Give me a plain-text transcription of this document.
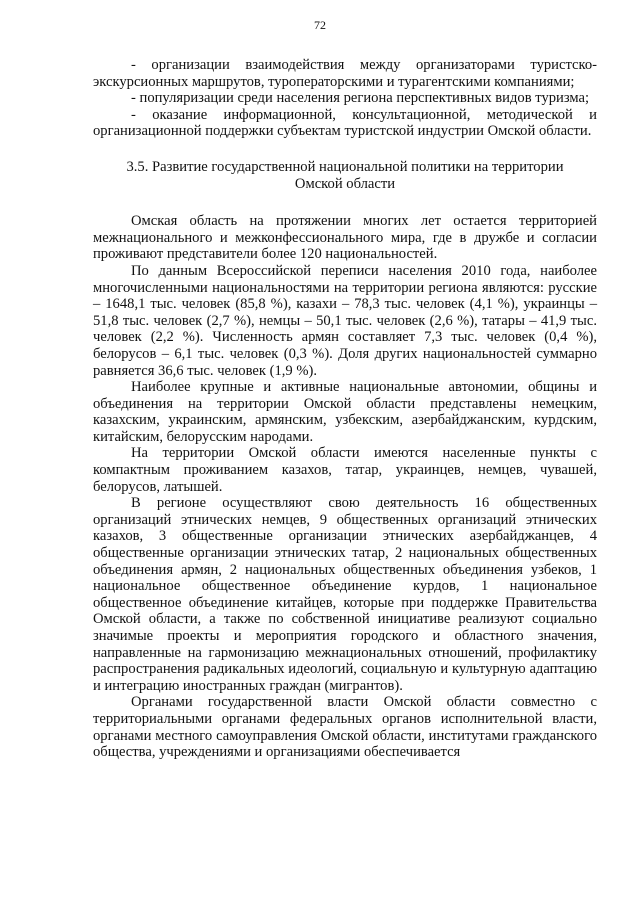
72

- организации взаимодействия между организаторами туристско-экскурсионных маршрутов, туроператорскими и турагентскими компаниями;

- популяризации среди населения региона перспективных видов туризма;

- оказание информационной, консультационной, методической и организационной поддержки субъектам туристской индустрии Омской области.

3.5. Развитие государственной национальной политики на территории Омской области

Омская область на протяжении многих лет остается территорией межнационального и межконфессионального мира, где в дружбе и согласии проживают представители более 120 национальностей.

По данным Всероссийской переписи населения 2010 года, наиболее многочисленными национальностями на территории региона являются: русские – 1648,1 тыс. человек (85,8 %), казахи – 78,3 тыс. человек (4,1 %), украинцы – 51,8 тыс. человек (2,7 %), немцы – 50,1 тыс. человек (2,6 %), татары – 41,9 тыс. человек (2,2 %). Численность армян составляет 7,3 тыс. человек (0,4 %), белорусов – 6,1 тыс. человек (0,3 %). Доля других национальностей суммарно равняется 36,6 тыс. человек (1,9 %).

Наиболее крупные и активные национальные автономии, общины и объединения на территории Омской области представлены немецким, казахским, украинским, армянским, узбекским, азербайджанским, курдским, китайским, белорусским народами.

На территории Омской области имеются населенные пункты с компактным проживанием казахов, татар, украинцев, немцев, чувашей, белорусов, латышей.

В регионе осуществляют свою деятельность 16 общественных организаций этнических немцев, 9 общественных организаций этнических казахов, 3 общественные организации этнических азербайджанцев, 4 общественные организации этнических татар, 2 национальных общественных объединения армян, 2 национальных общественных объединения узбеков, 1 национальное общественное объединение курдов, 1 национальное общественное объединение китайцев, которые при поддержке Правительства Омской области, а также по собственной инициативе реализуют социально значимые проекты и мероприятия городского и областного значения, направленные на гармонизацию межнациональных отношений, профилактику распространения радикальных идеологий, социальную и культурную адаптацию и интеграцию иностранных граждан (мигрантов).

Органами государственной власти Омской области совместно с территориальными органами федеральных органов исполнительной власти, органами местного самоуправления Омской области, институтами гражданского общества, учреждениями и организациями обеспечивается
